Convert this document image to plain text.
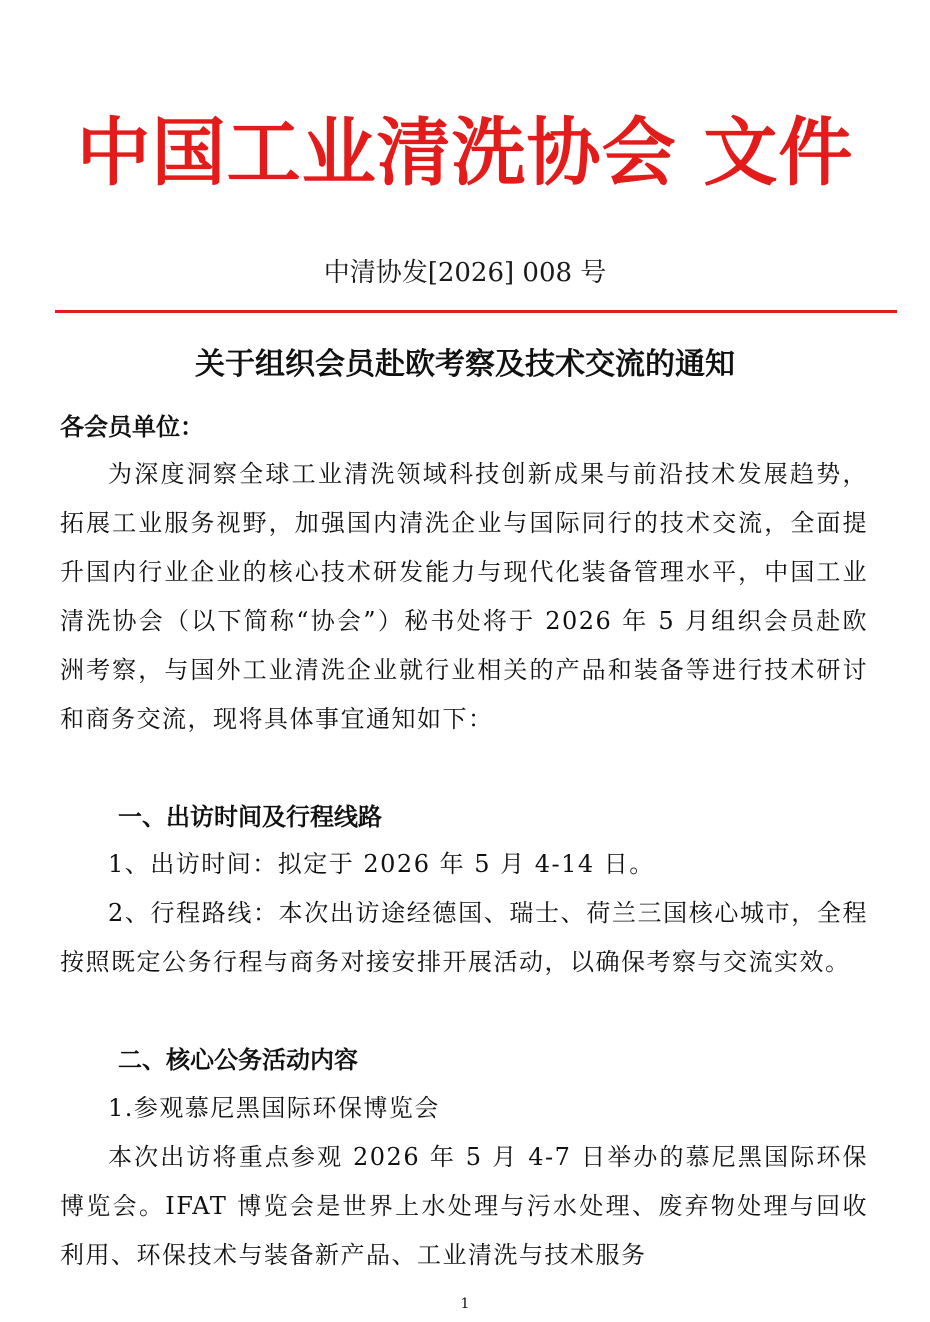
中国工业清洗协会 文件
中清协发[2026] 008 号
关于组织会员赴欧考察及技术交流的通知
各会员单位：
为深度洞察全球工业清洗领域科技创新成果与前沿技术发展趋势，拓展工业服务视野，加强国内清洗企业与国际同行的技术交流，全面提升国内行业企业的核心技术研发能力与现代化装备管理水平，中国工业清洗协会（以下简称“协会”）秘书处将于 2026 年 5 月组织会员赴欧洲考察，与国外工业清洗企业就行业相关的产品和装备等进行技术研讨和商务交流，现将具体事宜通知如下：
一、出访时间及行程线路
1、出访时间：拟定于 2026 年 5 月 4-14 日。
2、行程路线：本次出访途经德国、瑞士、荷兰三国核心城市，全程按照既定公务行程与商务对接安排开展活动，以确保考察与交流实效。
二、核心公务活动内容
1.参观慕尼黑国际环保博览会
本次出访将重点参观 2026 年 5 月 4-7 日举办的慕尼黑国际环保博览会。IFAT 博览会是世界上水处理与污水处理、废弃物处理与回收利用、环保技术与装备新产品、工业清洗与技术服务
1
